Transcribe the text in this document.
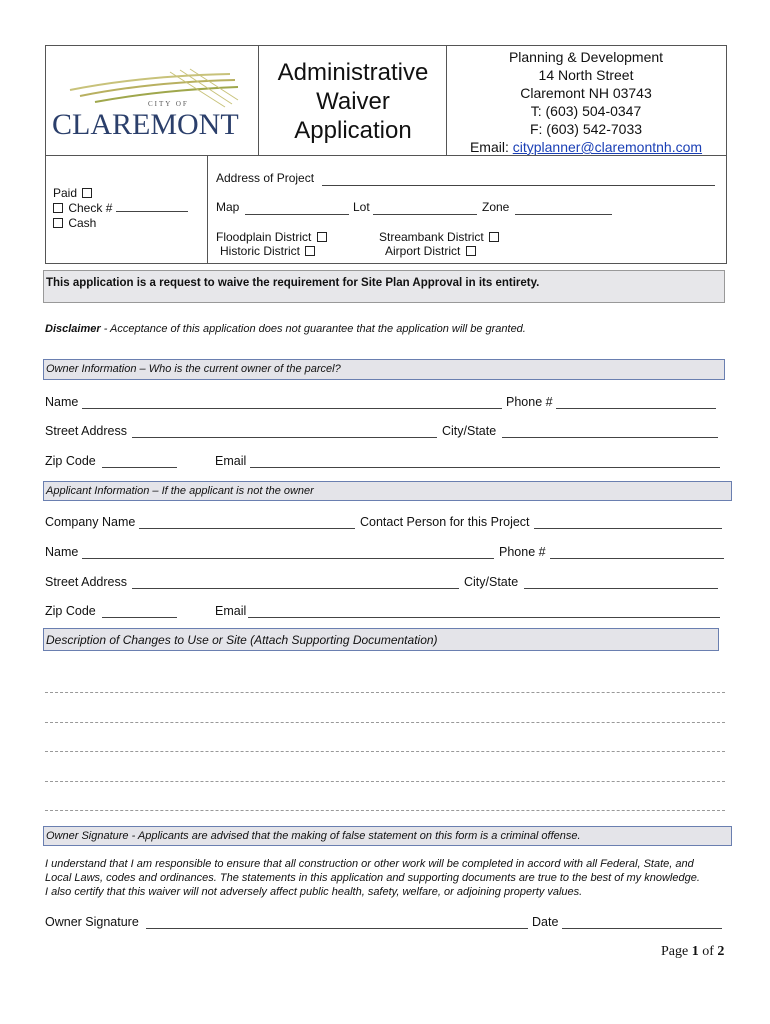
CITY OF
CLAREMONT
Administrative
Waiver
Application
Planning & Development
14 North Street
Claremont NH 03743
T: (603) 504-0347
F: (603) 542-7033
Email: cityplanner@claremontnh.com
Paid
Check #
Cash
Address of Project
Map	Lot	Zone
Floodplain District
Historic District
Streambank District
Airport District
This application is a request to waive the requirement for Site Plan Approval in its entirety.
Disclaimer - Acceptance of this application does not guarantee that the application will be granted.
Owner Information – Who is the current owner of the parcel?
Name	Phone #
Street Address	City/State
Zip Code	Email
Applicant Information – If the applicant is not the owner
Company Name	Contact Person for this Project
Name	Phone #
Street Address	City/State
Zip Code	Email
Description of Changes to Use or Site (Attach Supporting Documentation)
Owner Signature - Applicants are advised that the making of false statement on this form is a criminal offense.
I understand that I am responsible to ensure that all construction or other work will be completed in accord with all Federal, State, and
Local Laws, codes and ordinances. The statements in this application and supporting documents are true to the best of my knowledge.
I also certify that this waiver will not adversely affect public health, safety, welfare, or adjoining property values.
Owner Signature	Date
Page 1 of 2
